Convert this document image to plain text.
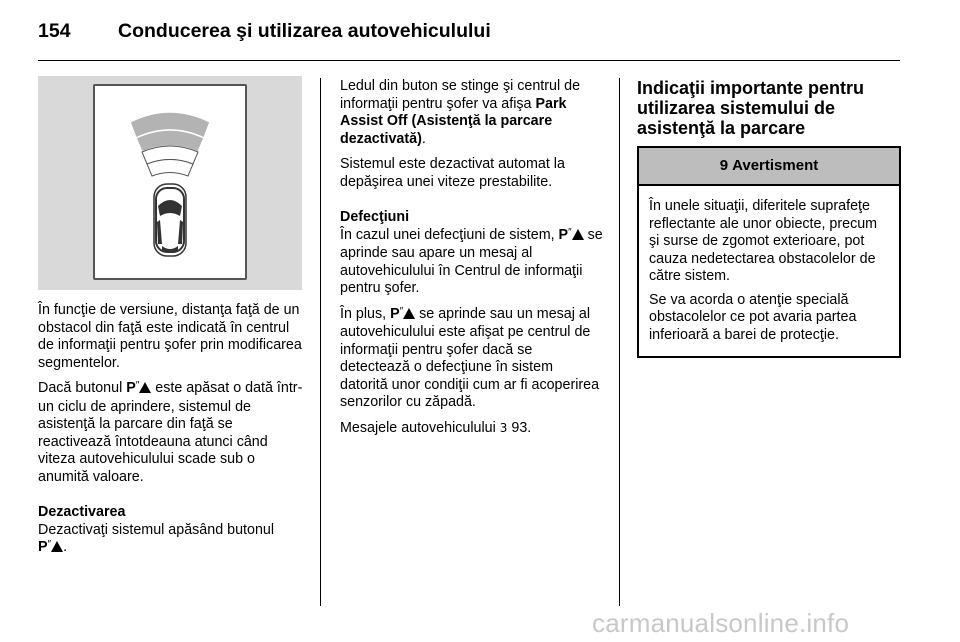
154	Conducerea şi utilizarea autovehiculului

În funcţie de versiune, distanţa faţă de un obstacol din faţă este indicată în centrul de informaţii pentru şofer prin modificarea segmentelor.

Dacă butonul P″ este apăsat o dată într-un ciclu de aprindere, sistemul de asistenţă la parcare din faţă se reactivează întotdeauna atunci când viteza autovehiculului scade sub o anumită valoare.

Dezactivarea

Dezactivaţi sistemul apăsând butonul P″ .

Ledul din buton se stinge şi centrul de informaţii pentru şofer va afişa Park Assist Off (Asistenţă la parcare dezactivată).

Sistemul este dezactivat automat la depăşirea unei viteze prestabilite.

Defecţiuni

În cazul unei defecţiuni de sistem, P″ se aprinde sau apare un mesaj al autovehiculului în Centrul de informaţii pentru şofer.

În plus, P″ se aprinde sau un mesaj al autovehiculului este afişat pe centrul de informaţii pentru şofer dacă se detectează o defecţiune în sistem datorită unor condiţii cum ar fi acoperirea senzorilor cu zăpadă.

Mesajele autovehiculului 3 93.

Indicaţii importante pentru utilizarea sistemului de asistenţă la parcare
9 Avertisment

În unele situaţii, diferitele suprafeţe reflectante ale unor obiecte, precum şi surse de zgomot exterioare, pot cauza nedetectarea obstacolelor de către sistem.

Se va acorda o atenţie specială obstacolelor ce pot avaria partea inferioară a barei de protecţie.

carmanualsonline.info
